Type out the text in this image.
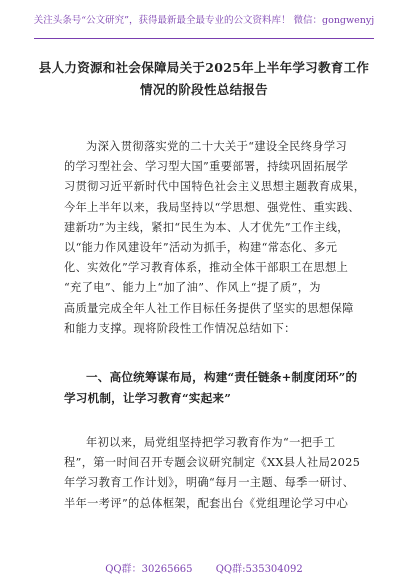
关注头条号“公文研究”，获得最新最全最专业的公文资料库！ 微信：gongwenyj
县人力资源和社会保障局关于2025年上半年学习教育工作
情况的阶段性总结报告
为深入贯彻落实党的二十大关于“建设全民终身学习
的学习型社会、学习型大国”重要部署，持续巩固拓展学
习贯彻习近平新时代中国特色社会主义思想主题教育成果，
今年上半年以来，我局坚持以“学思想、强党性、重实践、
建新功”为主线，紧扣“民生为本、人才优先”工作主线，
以“能力作风建设年”活动为抓手，构建“常态化、多元
化、实效化”学习教育体系，推动全体干部职工在思想上
“充了电”、能力上“加了油”、作风上“提了质”，为
高质量完成全年人社工作目标任务提供了坚实的思想保障
和能力支撑。现将阶段性工作情况总结如下：
一、高位统筹谋布局，构建“责任链条+制度闭环”的
学习机制，让学习教育“实起来”
年初以来，局党组坚持把学习教育作为“一把手工
程”，第一时间召开专题会议研究制定《XX县人社局2025
年学习教育工作计划》，明确“每月一主题、每季一研讨、
半年一考评”的总体框架，配套出台《党组理论学习中心
QQ群：30265665 QQ群:535304092
